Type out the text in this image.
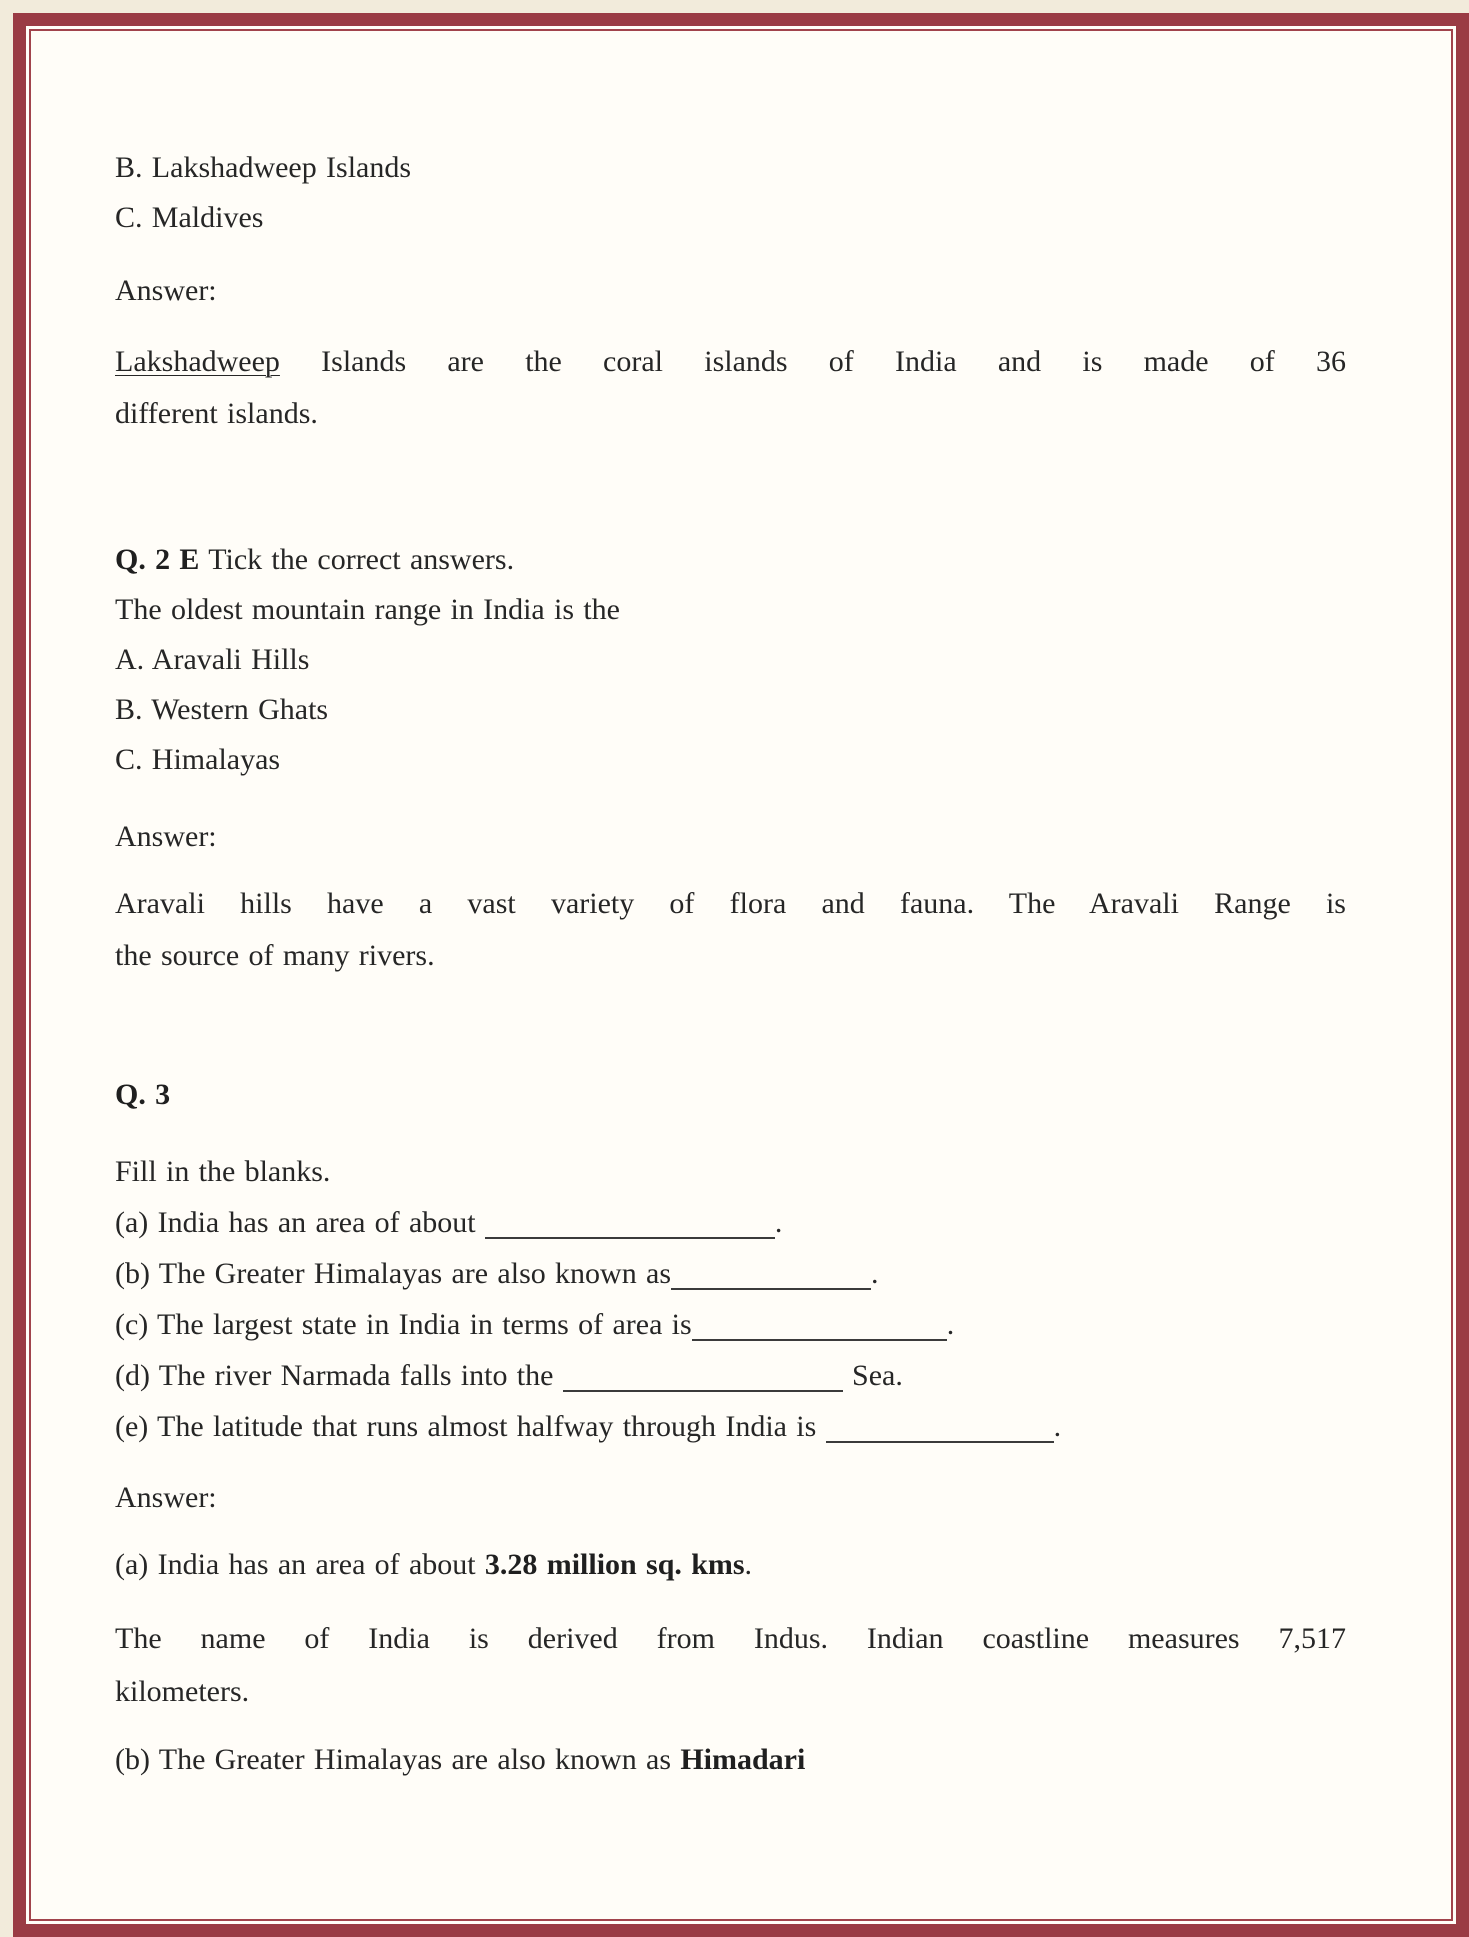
B. Lakshadweep Islands
C. Maldives
Answer:
Lakshadweep Islands are the coral islands of India and is made of 36
different islands.
Q. 2 E Tick the correct answers.
The oldest mountain range in India is the
A. Aravali Hills
B. Western Ghats
C. Himalayas
Answer:
Aravali hills have a vast variety of flora and fauna. The Aravali Range is
the source of many rivers.
Q. 3
Fill in the blanks.
(a) India has an area of about	.
(b) The Greater Himalayas are also known as	.
(c) The largest state in India in terms of area is	.
(d) The river Narmada falls into the	Sea.
(e) The latitude that runs almost halfway through India is	.
Answer:
(a) India has an area of about 3.28 million sq. kms.
The name of India is derived from Indus. Indian coastline measures 7,517
kilometers.
(b) The Greater Himalayas are also known as Himadari
